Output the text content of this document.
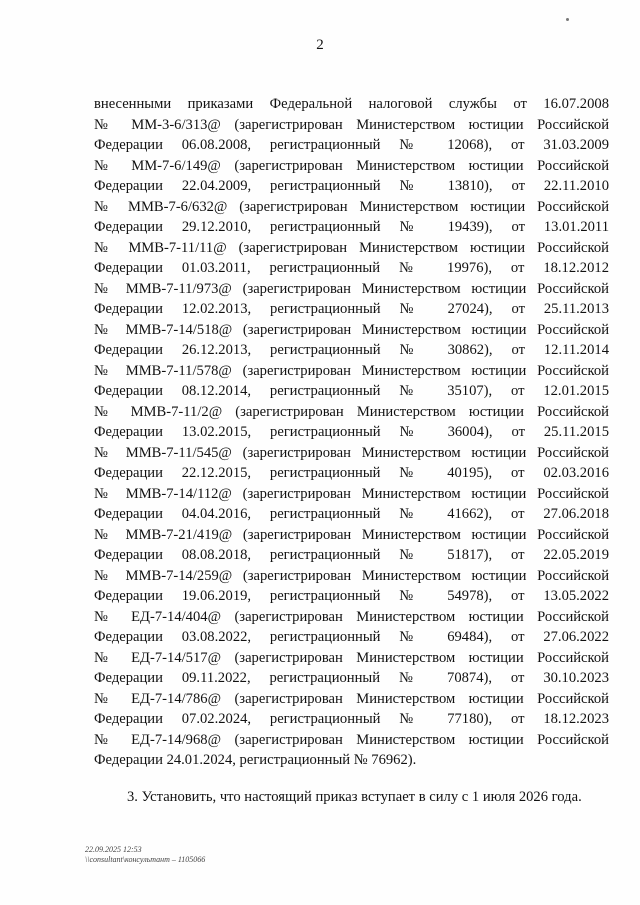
2
внесенными приказами Федеральной налоговой службы от 16.07.2008
№ ММ-3-6/313@ (зарегистрирован Министерством юстиции Российской
Федерации 06.08.2008, регистрационный № 12068), от 31.03.2009
№ ММ-7-6/149@ (зарегистрирован Министерством юстиции Российской
Федерации 22.04.2009, регистрационный № 13810), от 22.11.2010
№ ММВ-7-6/632@ (зарегистрирован Министерством юстиции Российской
Федерации 29.12.2010, регистрационный № 19439), от 13.01.2011
№ ММВ-7-11/11@ (зарегистрирован Министерством юстиции Российской
Федерации 01.03.2011, регистрационный № 19976), от 18.12.2012
№ ММВ-7-11/973@ (зарегистрирован Министерством юстиции Российской
Федерации 12.02.2013, регистрационный № 27024), от 25.11.2013
№ ММВ-7-14/518@ (зарегистрирован Министерством юстиции Российской
Федерации 26.12.2013, регистрационный № 30862), от 12.11.2014
№ ММВ-7-11/578@ (зарегистрирован Министерством юстиции Российской
Федерации 08.12.2014, регистрационный № 35107), от 12.01.2015
№ ММВ-7-11/2@ (зарегистрирован Министерством юстиции Российской
Федерации 13.02.2015, регистрационный № 36004), от 25.11.2015
№ ММВ-7-11/545@ (зарегистрирован Министерством юстиции Российской
Федерации 22.12.2015, регистрационный № 40195), от 02.03.2016
№ ММВ-7-14/112@ (зарегистрирован Министерством юстиции Российской
Федерации 04.04.2016, регистрационный № 41662), от 27.06.2018
№ ММВ-7-21/419@ (зарегистрирован Министерством юстиции Российской
Федерации 08.08.2018, регистрационный № 51817), от 22.05.2019
№ ММВ-7-14/259@ (зарегистрирован Министерством юстиции Российской
Федерации 19.06.2019, регистрационный № 54978), от 13.05.2022
№ ЕД-7-14/404@ (зарегистрирован Министерством юстиции Российской
Федерации 03.08.2022, регистрационный № 69484), от 27.06.2022
№ ЕД-7-14/517@ (зарегистрирован Министерством юстиции Российской
Федерации 09.11.2022, регистрационный № 70874), от 30.10.2023
№ ЕД-7-14/786@ (зарегистрирован Министерством юстиции Российской
Федерации 07.02.2024, регистрационный № 77180), от 18.12.2023
№ ЕД-7-14/968@ (зарегистрирован Министерством юстиции Российской
Федерации 24.01.2024, регистрационный № 76962).
3. Установить, что настоящий приказ вступает в силу с 1 июля 2026 года.
22.09.2025 12:53
\\consultant\консультант – 1105066
